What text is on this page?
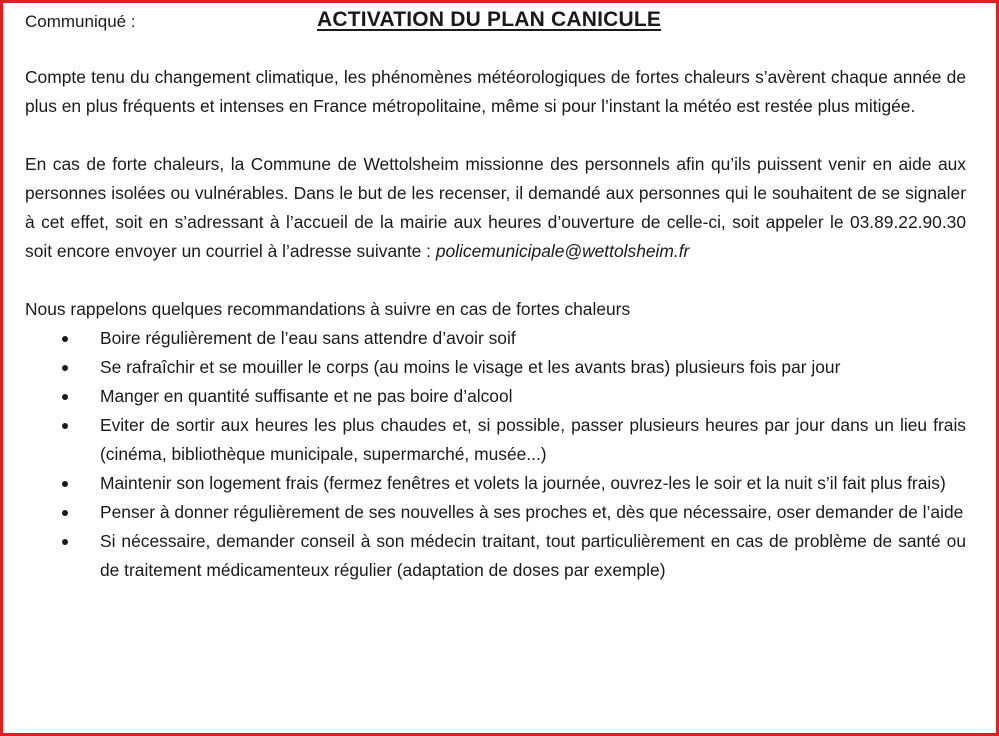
Communiqué :	ACTIVATION DU PLAN CANICULE

Compte tenu du changement climatique, les phénomènes météorologiques de fortes chaleurs s’avèrent chaque année de plus en plus fréquents et intenses en France métropolitaine, même si pour l’instant la météo est restée plus mitigée.

En cas de forte chaleurs, la Commune de Wettolsheim missionne des personnels afin qu’ils puissent venir en aide aux personnes isolées ou vulnérables. Dans le but de les recenser, il demandé aux personnes qui le souhaitent de se signaler à cet effet, soit en s’adressant à l’accueil de la mairie aux heures d’ouverture de celle-ci, soit appeler le 03.89.22.90.30 soit encore envoyer un courriel à l’adresse suivante : policemunicipale@wettolsheim.fr

Nous rappelons quelques recommandations à suivre en cas de fortes chaleurs

Boire régulièrement de l’eau sans attendre d’avoir soif
Se rafraîchir et se mouiller le corps (au moins le visage et les avants bras) plusieurs fois par jour
Manger en quantité suffisante et ne pas boire d’alcool
Eviter de sortir aux heures les plus chaudes et, si possible, passer plusieurs heures par jour dans un lieu frais (cinéma, bibliothèque municipale, supermarché, musée...)
Maintenir son logement frais (fermez fenêtres et volets la journée, ouvrez-les le soir et la nuit s’il fait plus frais)
Penser à donner régulièrement de ses nouvelles à ses proches et, dès que nécessaire, oser demander de l’aide
Si nécessaire, demander conseil à son médecin traitant, tout particulièrement en cas de problème de santé ou de traitement médicamenteux régulier (adaptation de doses par exemple)
